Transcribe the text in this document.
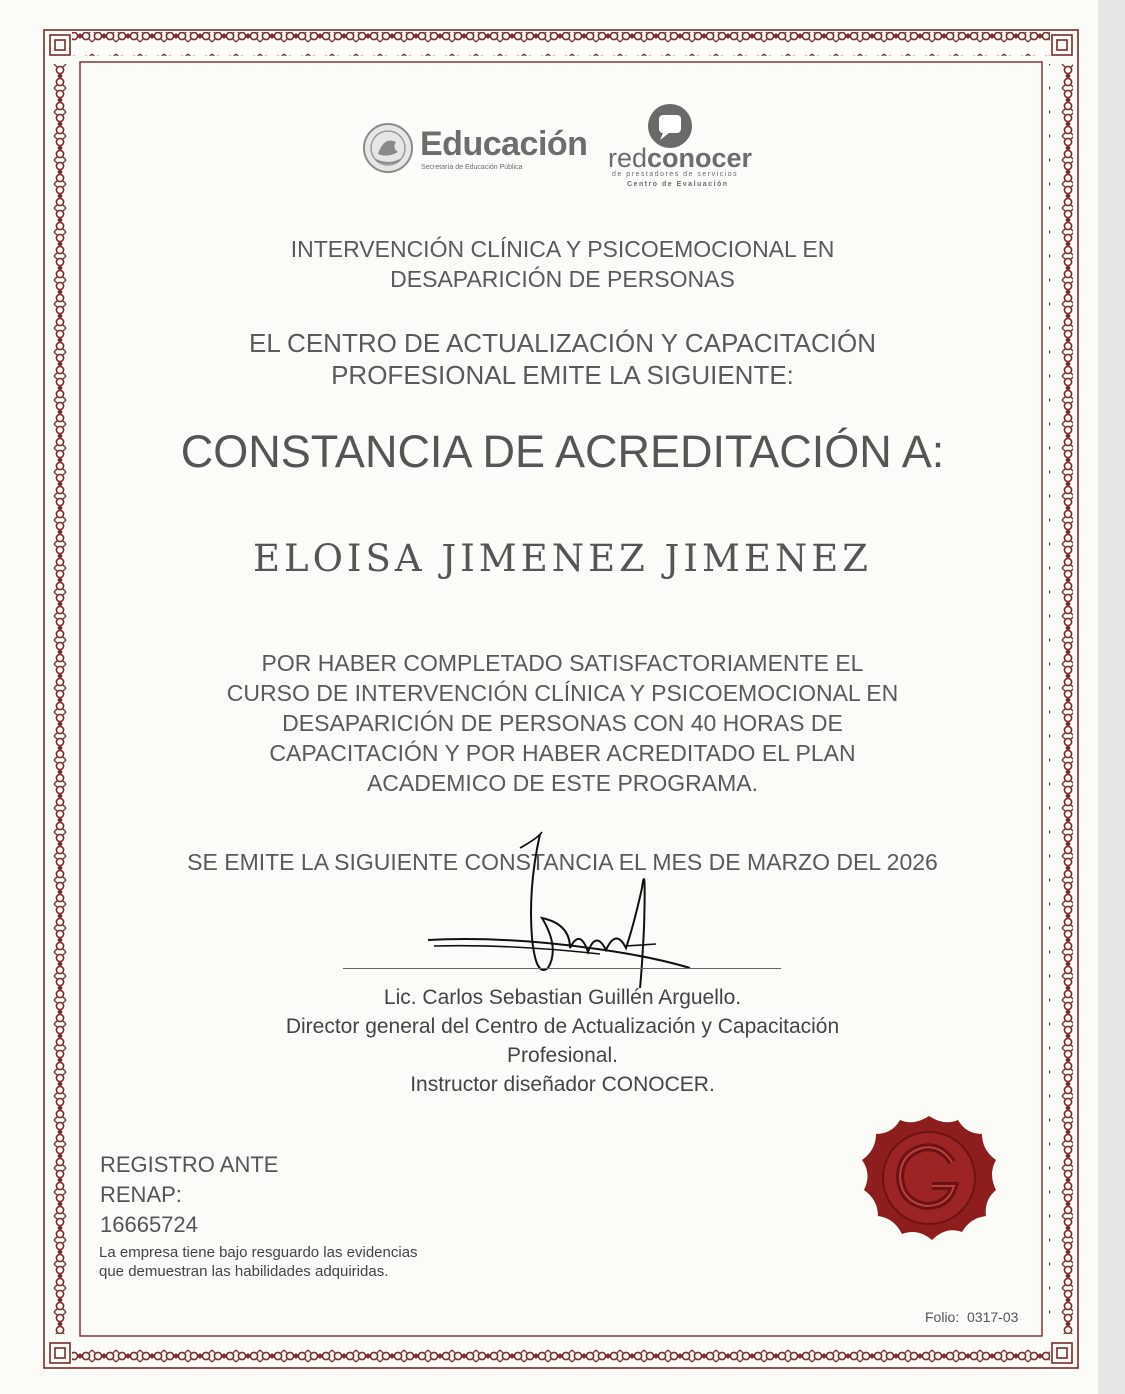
Educación
Secretaría de Educación Pública	redconocer
de prestadores de servicios
Centro de Evaluación

INTERVENCIÓN CLÍNICA Y PSICOEMOCIONAL EN
DESAPARICIÓN DE PERSONAS

EL CENTRO DE ACTUALIZACIÓN Y CAPACITACIÓN
PROFESIONAL EMITE LA SIGUIENTE:

CONSTANCIA DE ACREDITACIÓN A:

ELOISA JIMENEZ JIMENEZ

POR HABER COMPLETADO SATISFACTORIAMENTE EL
CURSO DE INTERVENCIÓN CLÍNICA Y PSICOEMOCIONAL EN
DESAPARICIÓN DE PERSONAS CON 40 HORAS DE
CAPACITACIÓN Y POR HABER ACREDITADO EL PLAN
ACADEMICO DE ESTE PROGRAMA.

SE EMITE LA SIGUIENTE CONSTANCIA EL MES DE MARZO DEL 2026

Lic. Carlos Sebastian Guillén Arguello.
Director general del Centro de Actualización y Capacitación
Profesional.
Instructor diseñador CONOCER.

REGISTRO ANTE
RENAP:
16665724
La empresa tiene bajo resguardo las evidencias
que demuestran las habilidades adquiridas.
Folio: 0317-03
